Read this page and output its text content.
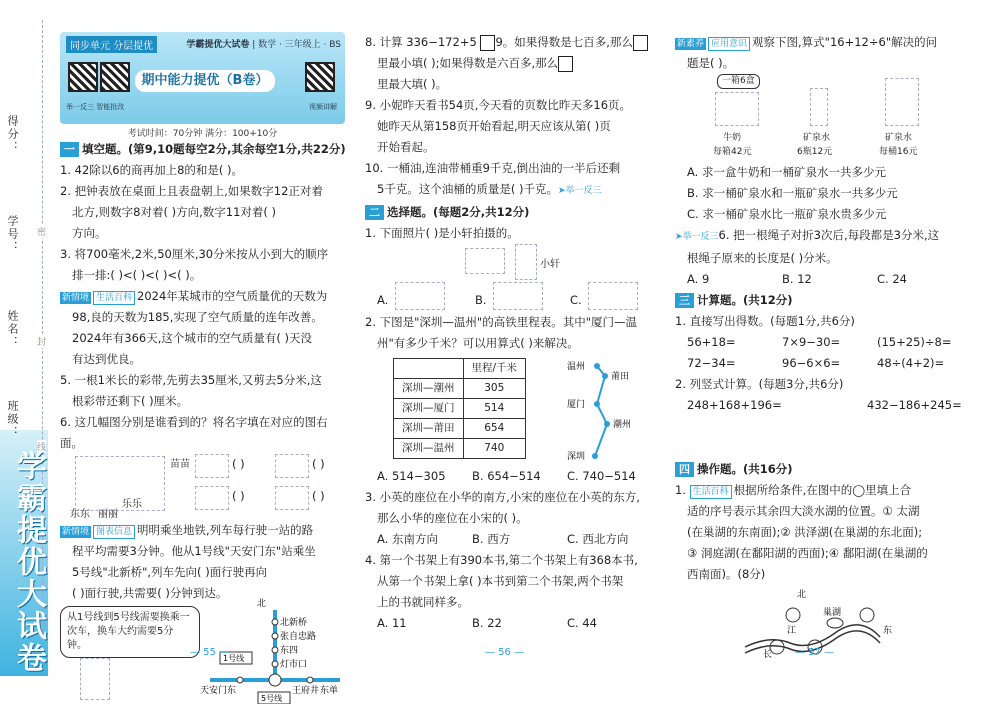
得分：
学号：
姓名：
班级：
密
封
线
学霸提优大试卷
同步单元 分层提优	学霸提优大试卷 | 数学 · 三年级上 · BS
举一反三 智能批改	视频讲解
期中能力提优（B卷）
考试时间：70分钟 满分：100+10分

一 填空题。(第9,10题每空2分,其余每空1分,共22分)

1. 42除以6的商再加上8的和是( )。

2. 把钟表放在桌面上且表盘朝上,如果数字12正对着

北方,则数字8对着( )方向,数字11对着( )

方向。

3. 将700毫米,2米,50厘米,30分米按从小到大的顺序

排一排:( )<( )<( )<( )。

新情境 生活百科 2024年某城市的空气质量优的天数为

98,良的天数为185,实现了空气质量的连年改善。

2024年有366天,这个城市的空气质量有( )天没

有达到优良。

5. 一根1米长的彩带,先剪去35厘米,又剪去5分米,这

根彩带还剩下( )厘米。

6. 这几幅图分别是谁看到的？将名字填在对应的图右面。

苗苗
乐乐
东东 丽丽
( )	( )
( )	( )

新情境 图表信息 明明乘坐地铁,列车每行驶一站的路

程平均需要3分钟。他从1号线"天安门东"站乘坐

5号线"北新桥",列车先向( )面行驶再向

( )面行驶,共需要( )分钟到达。

从1号线到5号线需要换乘一次车，换车大约需要5分钟。
北
北新桥
张自忠路
东四
灯市口
1号线
5号线
天安门东	王府井 东单
— 55 —

8. 计算 336−172+5 9。如果得数是七百多,那么

里最小填( );如果得数是六百多,那么

里最大填( )。

9. 小妮昨天看书54页,今天看的页数比昨天多16页。

她昨天从第158页开始看起,明天应该从第( )页

开始看起。

10. 一桶油,连油带桶重9千克,倒出油的一半后还剩

5千克。这个油桶的质量是( )千克。➤举一反三

二 选择题。(每题2分,共12分)

1. 下面照片( )是小轩拍摄的。

小轩
A.	B.	C.

2. 下图是"深圳—温州"的高铁里程表。其中"厦门—温

州"有多少千米？可以用算式( )来解决。

	里程/千米
深圳—潮州	305
深圳—厦门	514
深圳—莆田	654
深圳—温州	740
温州
莆田
厦门
潮州
深圳
A. 514−305	B. 654−514	C. 740−514

3. 小英的座位在小华的南方,小宋的座位在小英的东方,

那么小华的座位在小宋的( )。

A. 东南方向	B. 西方	C. 西北方向

4. 第一个书架上有390本书,第二个书架上有368本书,

从第一个书架上拿( )本书到第二个书架,两个书架

上的书就同样多。

A. 11	B. 22	C. 44
— 56 —

新素养 应用意识 观察下图,算式"16+12÷6"解决的问

题是( )。

一箱6盒
牛奶
每箱42元
矿泉水
6瓶12元
矿泉水
每桶16元

A. 求一盒牛奶和一桶矿泉水一共多少元

B. 求一桶矿泉水和一瓶矿泉水一共多少元

C. 求一桶矿泉水比一瓶矿泉水贵多少元

➤举一反三6. 把一根绳子对折3次后,每段都是3分米,这

根绳子原来的长度是( )分米。

A. 9	B. 12	C. 24

三 计算题。(共12分)

1. 直接写出得数。(每题1分,共6分)

56+18=	7×9−30=	(15+25)÷8=
72−34=	96−6×6=	48÷(4+2)=

2. 列竖式计算。(每题3分,共6分)

248+168+196=	432−186+245=

四 操作题。(共16分)

1. 生活百科 根据所给条件,在图中的◯里填上合

适的序号表示其余四大淡水湖的位置。① 太湖

(在巢湖的东南面);② 洪泽湖(在巢湖的东北面);

③ 洞庭湖(在鄱阳湖的西面);④ 鄱阳湖(在巢湖的

西南面)。(8分)

北
巢湖
江
长
东
— 57 —
